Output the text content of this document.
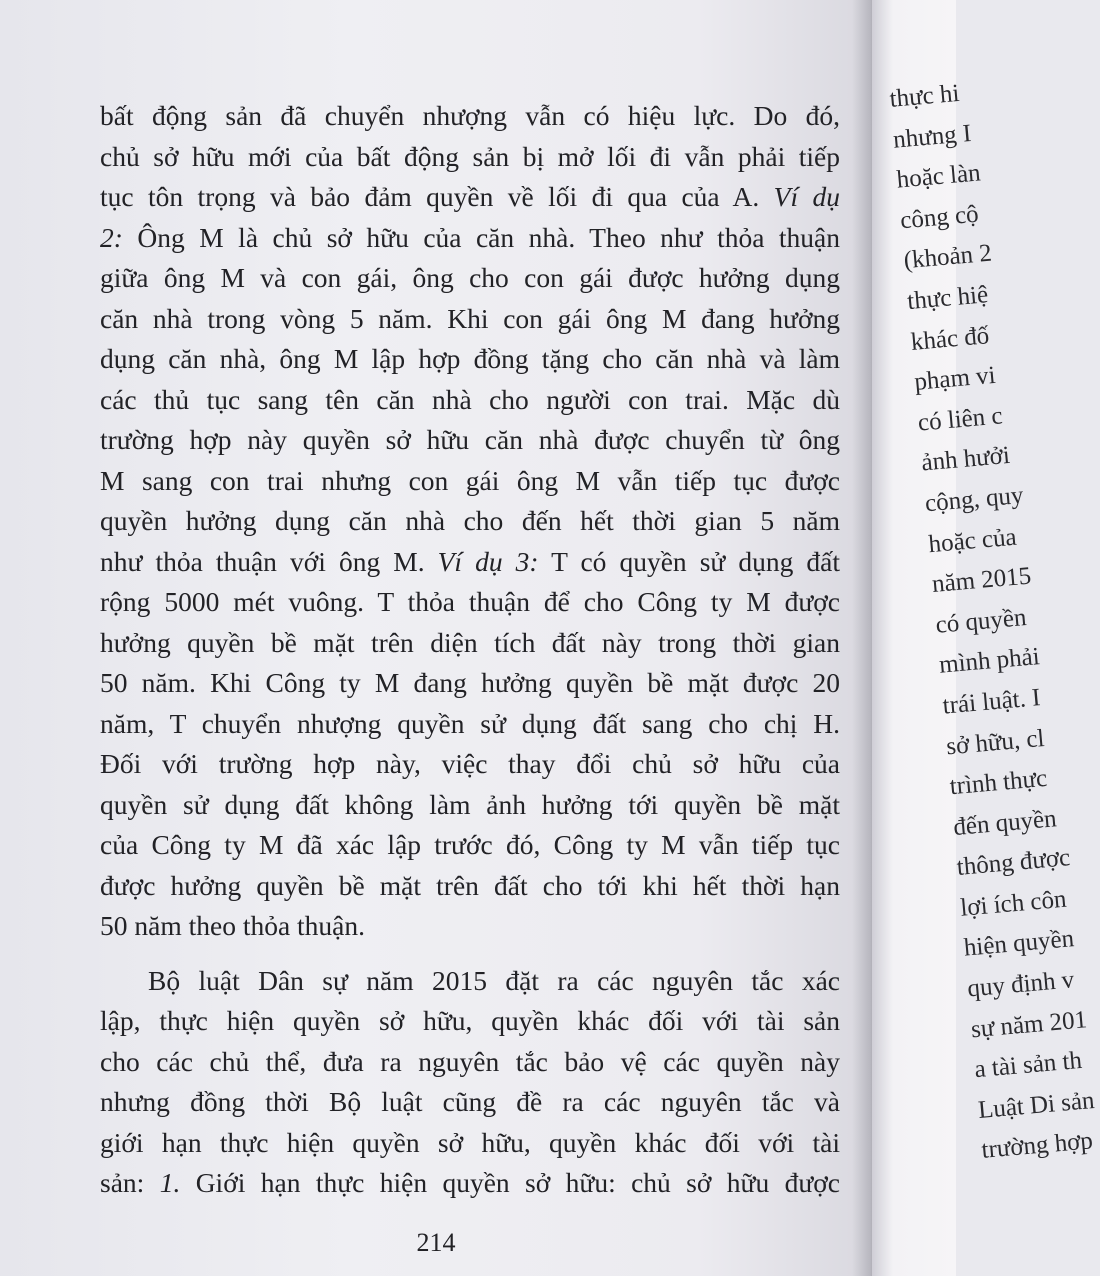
bất động sản đã chuyển nhượng vẫn có hiệu lực. Do đó,
chủ sở hữu mới của bất động sản bị mở lối đi vẫn phải tiếp
tục tôn trọng và bảo đảm quyền về lối đi qua của A. Ví dụ
2: Ông M là chủ sở hữu của căn nhà. Theo như thỏa thuận
giữa ông M và con gái, ông cho con gái được hưởng dụng
căn nhà trong vòng 5 năm. Khi con gái ông M đang hưởng
dụng căn nhà, ông M lập hợp đồng tặng cho căn nhà và làm
các thủ tục sang tên căn nhà cho người con trai. Mặc dù
trường hợp này quyền sở hữu căn nhà được chuyển từ ông
M sang con trai nhưng con gái ông M vẫn tiếp tục được
quyền hưởng dụng căn nhà cho đến hết thời gian 5 năm
như thỏa thuận với ông M. Ví dụ 3: T có quyền sử dụng đất
rộng 5000 mét vuông. T thỏa thuận để cho Công ty M được
hưởng quyền bề mặt trên diện tích đất này trong thời gian
50 năm. Khi Công ty M đang hưởng quyền bề mặt được 20
năm, T chuyển nhượng quyền sử dụng đất sang cho chị H.
Đối với trường hợp này, việc thay đổi chủ sở hữu của
quyền sử dụng đất không làm ảnh hưởng tới quyền bề mặt
của Công ty M đã xác lập trước đó, Công ty M vẫn tiếp tục
được hưởng quyền bề mặt trên đất cho tới khi hết thời hạn
50 năm theo thỏa thuận.
Bộ luật Dân sự năm 2015 đặt ra các nguyên tắc xác
lập, thực hiện quyền sở hữu, quyền khác đối với tài sản
cho các chủ thể, đưa ra nguyên tắc bảo vệ các quyền này
nhưng đồng thời Bộ luật cũng đề ra các nguyên tắc và
giới hạn thực hiện quyền sở hữu, quyền khác đối với tài
sản: 1. Giới hạn thực hiện quyền sở hữu: chủ sở hữu được
214
thực hi
nhưng I
hoặc làn
công cộ
(khoản 2
thực hiệ
khác đố
phạm vi
có liên c
ảnh hưởi
cộng, quy
hoặc của
năm 2015
có quyền
mình phải
trái luật. I
sở hữu, cl
trình thực
đến quyền
thông được
lợi ích côn
hiện quyền
quy định v
sự năm 201
a tài sản th
Luật Di sản
trường hợp
